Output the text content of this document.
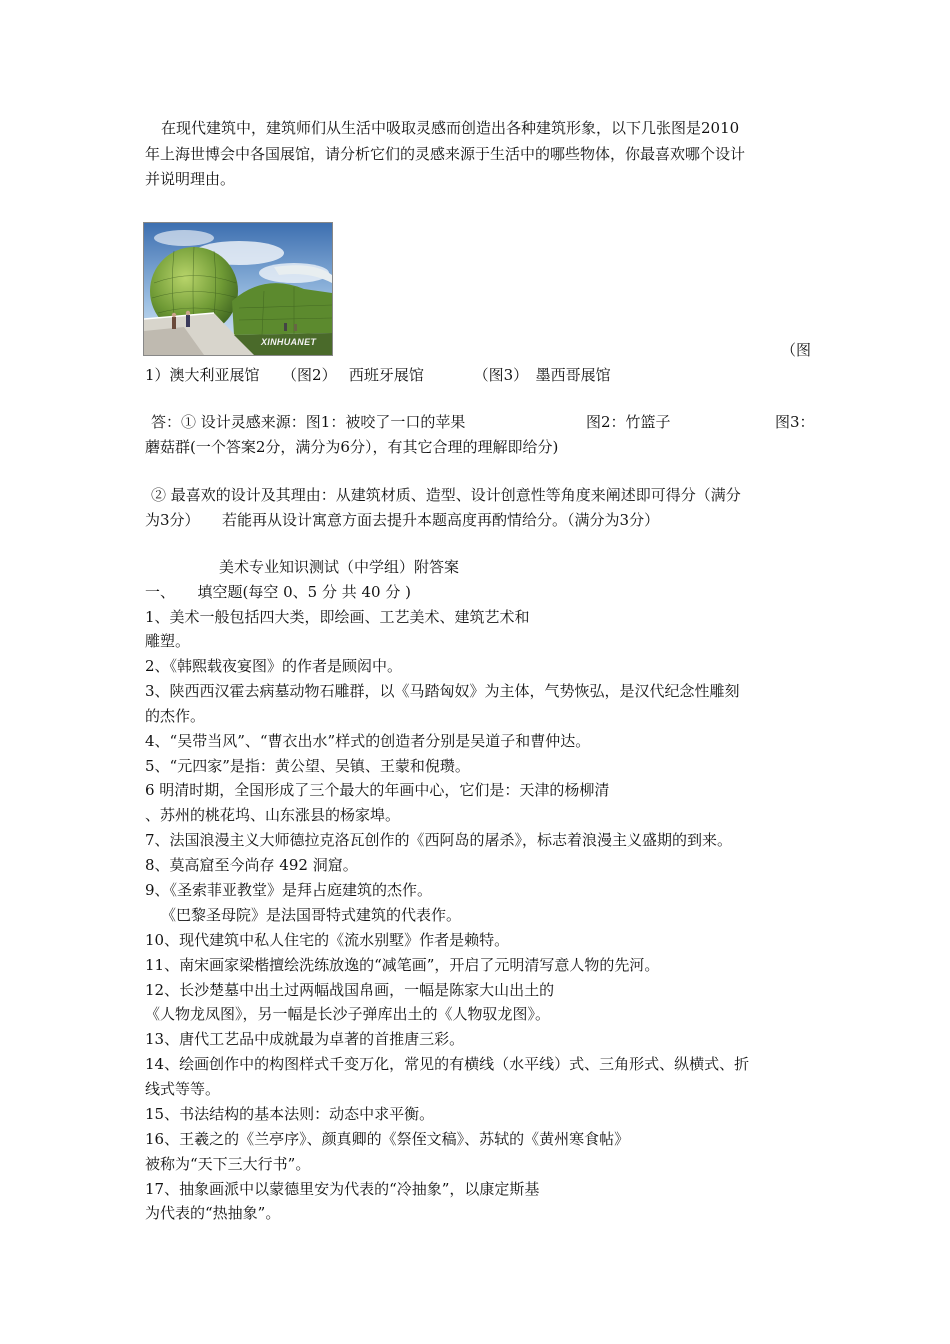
在现代建筑中，建筑师们从生活中吸取灵感而创造出各种建筑形象，以下几张图是2010
年上海世博会中各国展馆，请分析它们的灵感来源于生活中的哪些物体，你最喜欢哪个设计
并说明理由。
XINHUANET	（图
1）澳大利亚展馆　　（图2）　 西班牙展馆　　　 （图3）　墨西哥展馆
答：① 设计灵感来源：图1：被咬了一口的苹果	图2：竹篮子	图3：
蘑菇群(一个答案2分，满分为6分），有其它合理的理解即给分)
② 最喜欢的设计及其理由：从建筑材质、造型、设计创意性等角度来阐述即可得分（满分
为3分）　　若能再从设计寓意方面去提升本题高度再酌情给分。（满分为3分）
美术专业知识测试（中学组）附答案
一、　　填空题(每空 0、5 分 共 40 分 )
1、美术一般包括四大类，即绘画、工艺美术、建筑艺术和
雕塑。
2、《韩熙载夜宴图》的作者是顾闳中。
3、陕西西汉霍去病墓动物石雕群，以《马踏匈奴》为主体，气势恢弘，是汉代纪念性雕刻
的杰作。
4、“吴带当风”、“曹衣出水”样式的创造者分别是吴道子和曹仲达。
5、“元四家”是指：黄公望、吴镇、王蒙和倪瓒。
6 明清时期，全国形成了三个最大的年画中心，它们是：天津的杨柳清
、苏州的桃花坞、山东涨县的杨家埠。
7、法国浪漫主义大师德拉克洛瓦创作的《西阿岛的屠杀》，标志着浪漫主义盛期的到来。
8、莫高窟至今尚存 492 洞窟。
9、《圣索菲亚教堂》是拜占庭建筑的杰作。
《巴黎圣母院》是法国哥特式建筑的代表作。
10、现代建筑中私人住宅的《流水别墅》作者是赖特。
11、南宋画家梁楷擅绘洗练放逸的“减笔画”，开启了元明清写意人物的先河。
12、长沙楚墓中出土过两幅战国帛画，一幅是陈家大山出土的
《人物龙凤图》，另一幅是长沙子弹库出土的《人物驭龙图》。
13、唐代工艺品中成就最为卓著的首推唐三彩。
14、绘画创作中的构图样式千变万化，常见的有横线（水平线）式、三角形式、纵横式、折
线式等等。
15、书法结构的基本法则：动态中求平衡。
16、王羲之的《兰亭序》、颜真卿的《祭侄文稿》、苏轼的《黄州寒食帖》
被称为“天下三大行书”。
17、抽象画派中以蒙德里安为代表的“冷抽象”，以康定斯基
为代表的“热抽象”。
